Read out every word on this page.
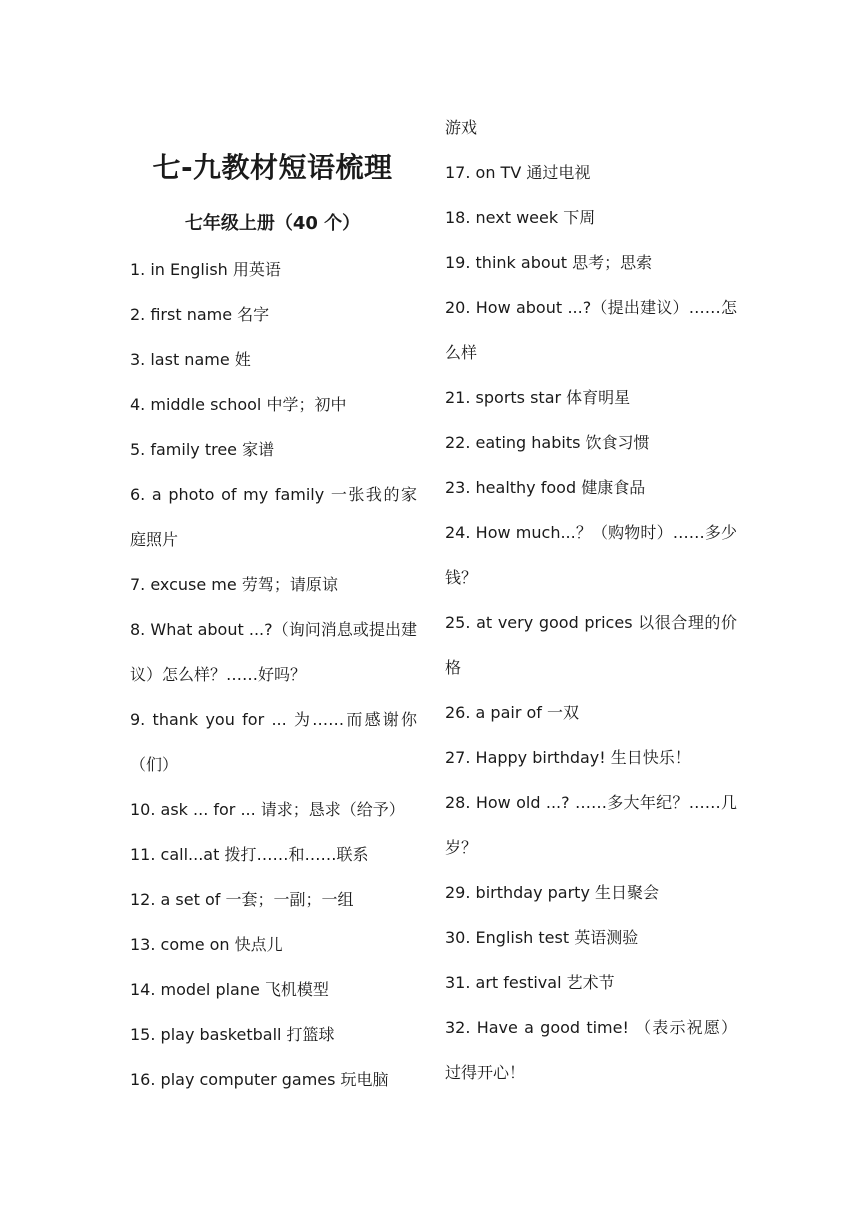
七-九教材短语梳理
七年级上册（40 个）
1. in English 用英语
2. first name 名字
3. last name 姓
4. middle school 中学；初中
5. family tree 家谱
6. a photo of my family 一张我的家庭照片
7. excuse me 劳驾；请原谅
8. What about ...?（询问消息或提出建议）怎么样？……好吗？
9. thank you for ... 为……而感谢你（们）
10. ask ... for ... 请求；恳求（给予）
11. call...at 拨打……和……联系
12. a set of 一套；一副；一组
13. come on 快点儿
14. model plane 飞机模型
15. play basketball 打篮球
16. play computer games 玩电脑
游戏
17. on TV 通过电视
18. next week 下周
19. think about 思考；思索
20. How about ...?（提出建议）……怎么样
21. sports star 体育明星
22. eating habits 饮食习惯
23. healthy food 健康食品
24. How much...？（购物时）……多少钱？
25. at very good prices 以很合理的价格
26. a pair of 一双
27. Happy birthday! 生日快乐！
28. How old ...? ……多大年纪？……几岁？
29. birthday party 生日聚会
30. English test 英语测验
31. art festival 艺术节
32. Have a good time! （表示祝愿）过得开心！
